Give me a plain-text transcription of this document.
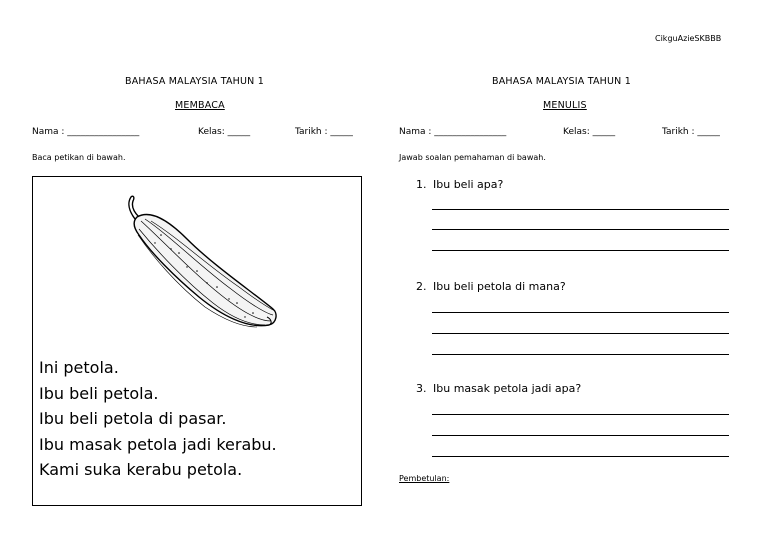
CikguAzieSKBBB
BAHASA MALAYSIA TAHUN 1
MEMBACA
Nama : ________________	Kelas: _____	Tarikh : _____
Baca petikan di bawah.
Ini petola.
Ibu beli petola.
Ibu beli petola di pasar.
Ibu masak petola jadi kerabu.
Kami suka kerabu petola.
BAHASA MALAYSIA TAHUN 1
MENULIS
Nama : ________________	Kelas: _____	Tarikh : _____
Jawab soalan pemahaman di bawah.
1. Ibu beli apa?
2. Ibu beli petola di mana?
3. Ibu masak petola jadi apa?
Pembetulan:
